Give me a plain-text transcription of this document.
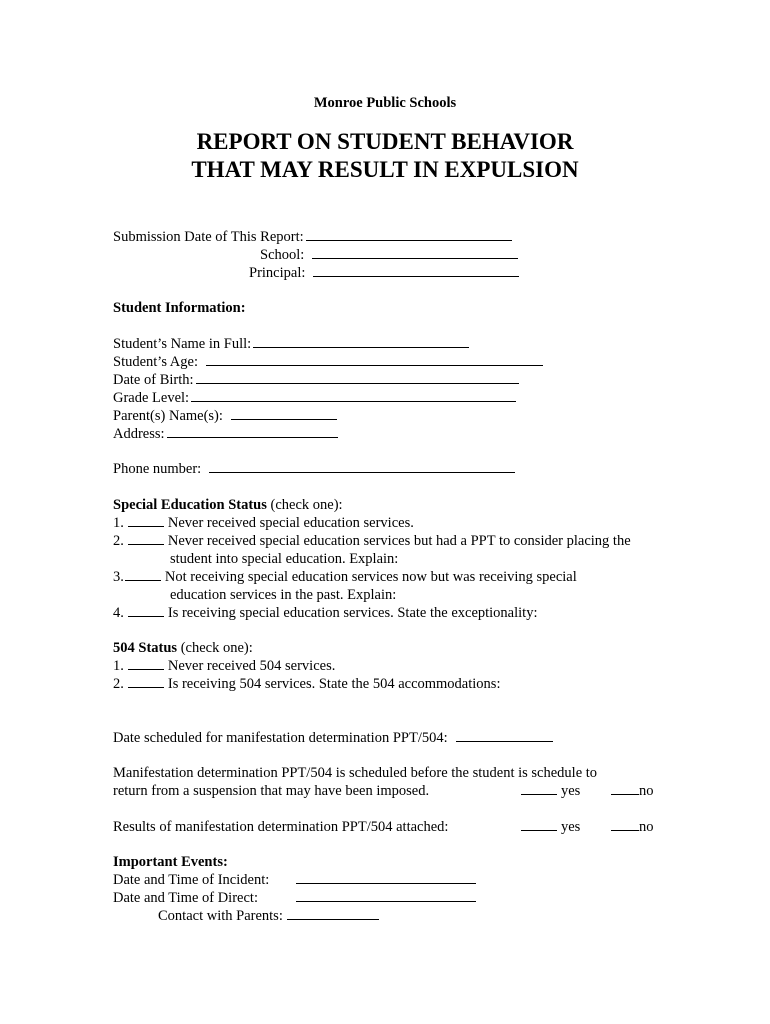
Monroe Public Schools
REPORT ON STUDENT BEHAVIOR
THAT MAY RESULT IN EXPULSION
Submission Date of This Report:
School:
Principal:
Student Information:
Student’s Name in Full:
Student’s Age:
Date of Birth:
Grade Level:
Parent(s) Name(s):
Address:
Phone number:
Special Education Status (check one):
1.	Never received special education services.
2.	Never received special education services but had a PPT to consider placing the
student into special education. Explain:
3.	Not receiving special education services now but was receiving special
education services in the past. Explain:
4.	Is receiving special education services. State the exceptionality:
504 Status (check one):
1.	Never received 504 services.
2.	Is receiving 504 services. State the 504 accommodations:
Date scheduled for manifestation determination PPT/504:
Manifestation determination PPT/504 is scheduled before the student is schedule to
return from a suspension that may have been imposed.	yes	no
Results of manifestation determination PPT/504 attached:	yes	no
Important Events:
Date and Time of Incident:
Date and Time of Direct:
Contact with Parents:
